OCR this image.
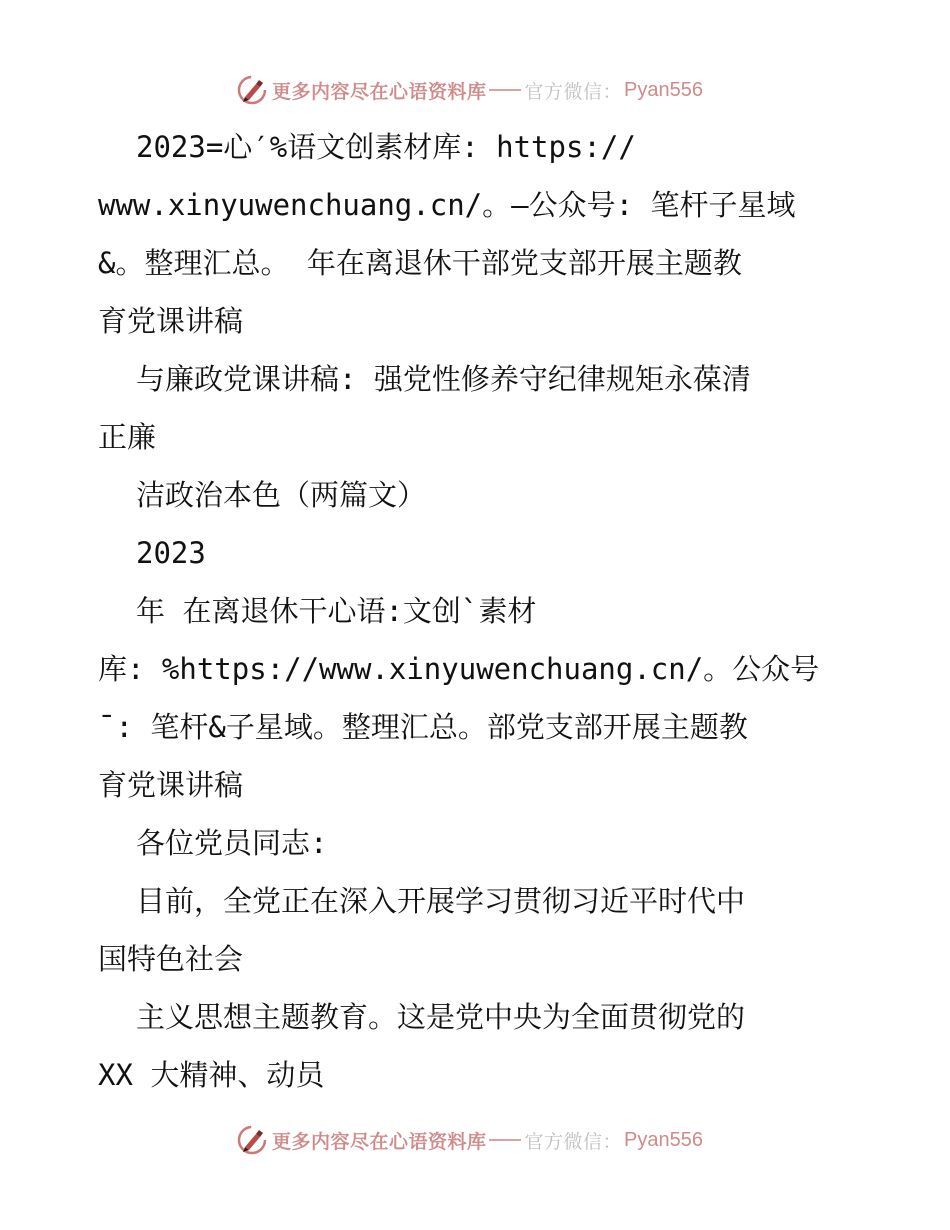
更多内容尽在心语资料库 官方微信： Pyan556
2023=心′%语文创素材库: https://
www.xinyuwenchuang.cn/。—公众号: 笔杆子星域
&。整理汇总。 年在离退休干部党支部开展主题教
育党课讲稿
与廉政党课讲稿: 强党性修养守纪律规矩永葆清
正廉
洁政治本色（两篇文）
2023
年 在离退休干心语:文创`素材
库: %https://www.xinyuwenchuang.cn/。公众号
¯: 笔杆&子星域。整理汇总。部党支部开展主题教
育党课讲稿
各位党员同志:
目前，全党正在深入开展学习贯彻习近平时代中
国特色社会
主义思想主题教育。这是党中央为全面贯彻党的
XX 大精神、动员
更多内容尽在心语资料库 官方微信： Pyan556
